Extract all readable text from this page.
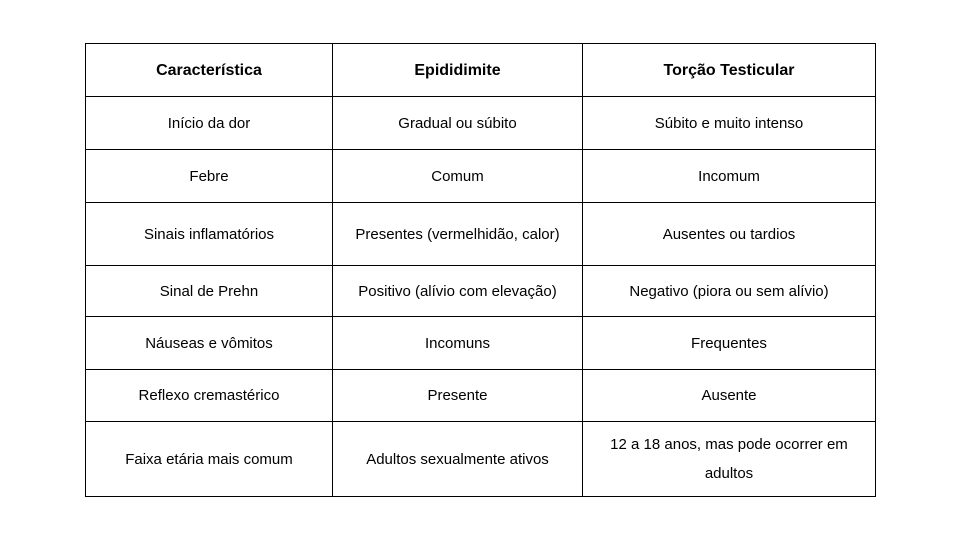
Característica	Epididimite	Torção Testicular
Início da dor	Gradual ou súbito	Súbito e muito intenso
Febre	Comum	Incomum
Sinais inflamatórios	Presentes (vermelhidão, calor)	Ausentes ou tardios
Sinal de Prehn	Positivo (alívio com elevação)	Negativo (piora ou sem alívio)
Náuseas e vômitos	Incomuns	Frequentes
Reflexo cremastérico	Presente	Ausente
Faixa etária mais comum	Adultos sexualmente ativos	12 a 18 anos, mas pode ocorrer em adultos
